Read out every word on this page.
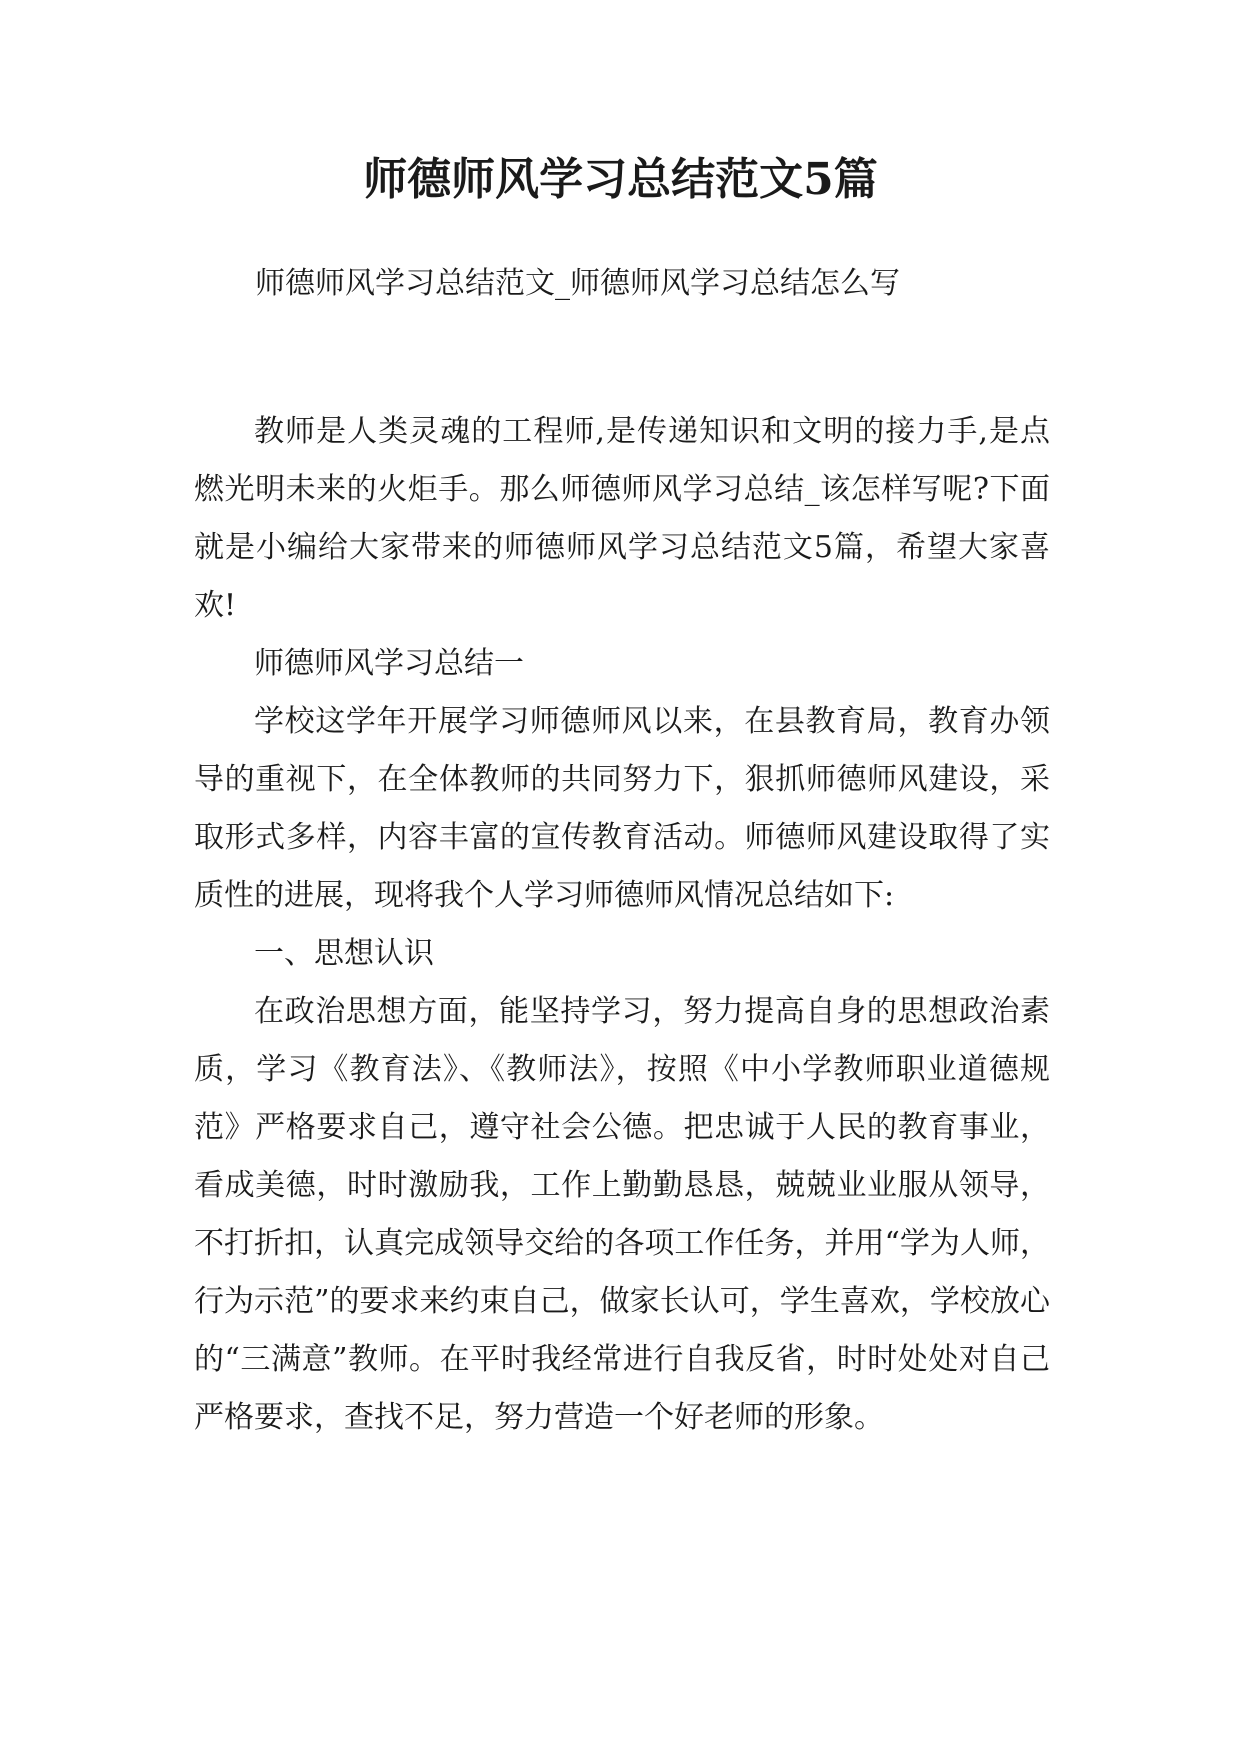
师德师风学习总结范文5篇

师德师风学习总结范文_师德师风学习总结怎么写

教师是人类灵魂的工程师,是传递知识和文明的接力手,是点燃光明未来的火炬手。那么师德师风学习总结_该怎样写呢?下面就是小编给大家带来的师德师风学习总结范文5篇，希望大家喜欢!

师德师风学习总结一

学校这学年开展学习师德师风以来，在县教育局，教育办领导的重视下，在全体教师的共同努力下，狠抓师德师风建设，采取形式多样，内容丰富的宣传教育活动。师德师风建设取得了实质性的进展，现将我个人学习师德师风情况总结如下:

一、思想认识

在政治思想方面，能坚持学习，努力提高自身的思想政治素质，学习《教育法》、《教师法》，按照《中小学教师职业道德规范》严格要求自己，遵守社会公德。把忠诚于人民的教育事业，看成美德，时时激励我，工作上勤勤恳恳，兢兢业业服从领导，不打折扣，认真完成领导交给的各项工作任务，并用“学为人师，行为示范”的要求来约束自己，做家长认可，学生喜欢，学校放心的“三满意”教师。在平时我经常进行自我反省，时时处处对自己严格要求，查找不足，努力营造一个好老师的形象。
